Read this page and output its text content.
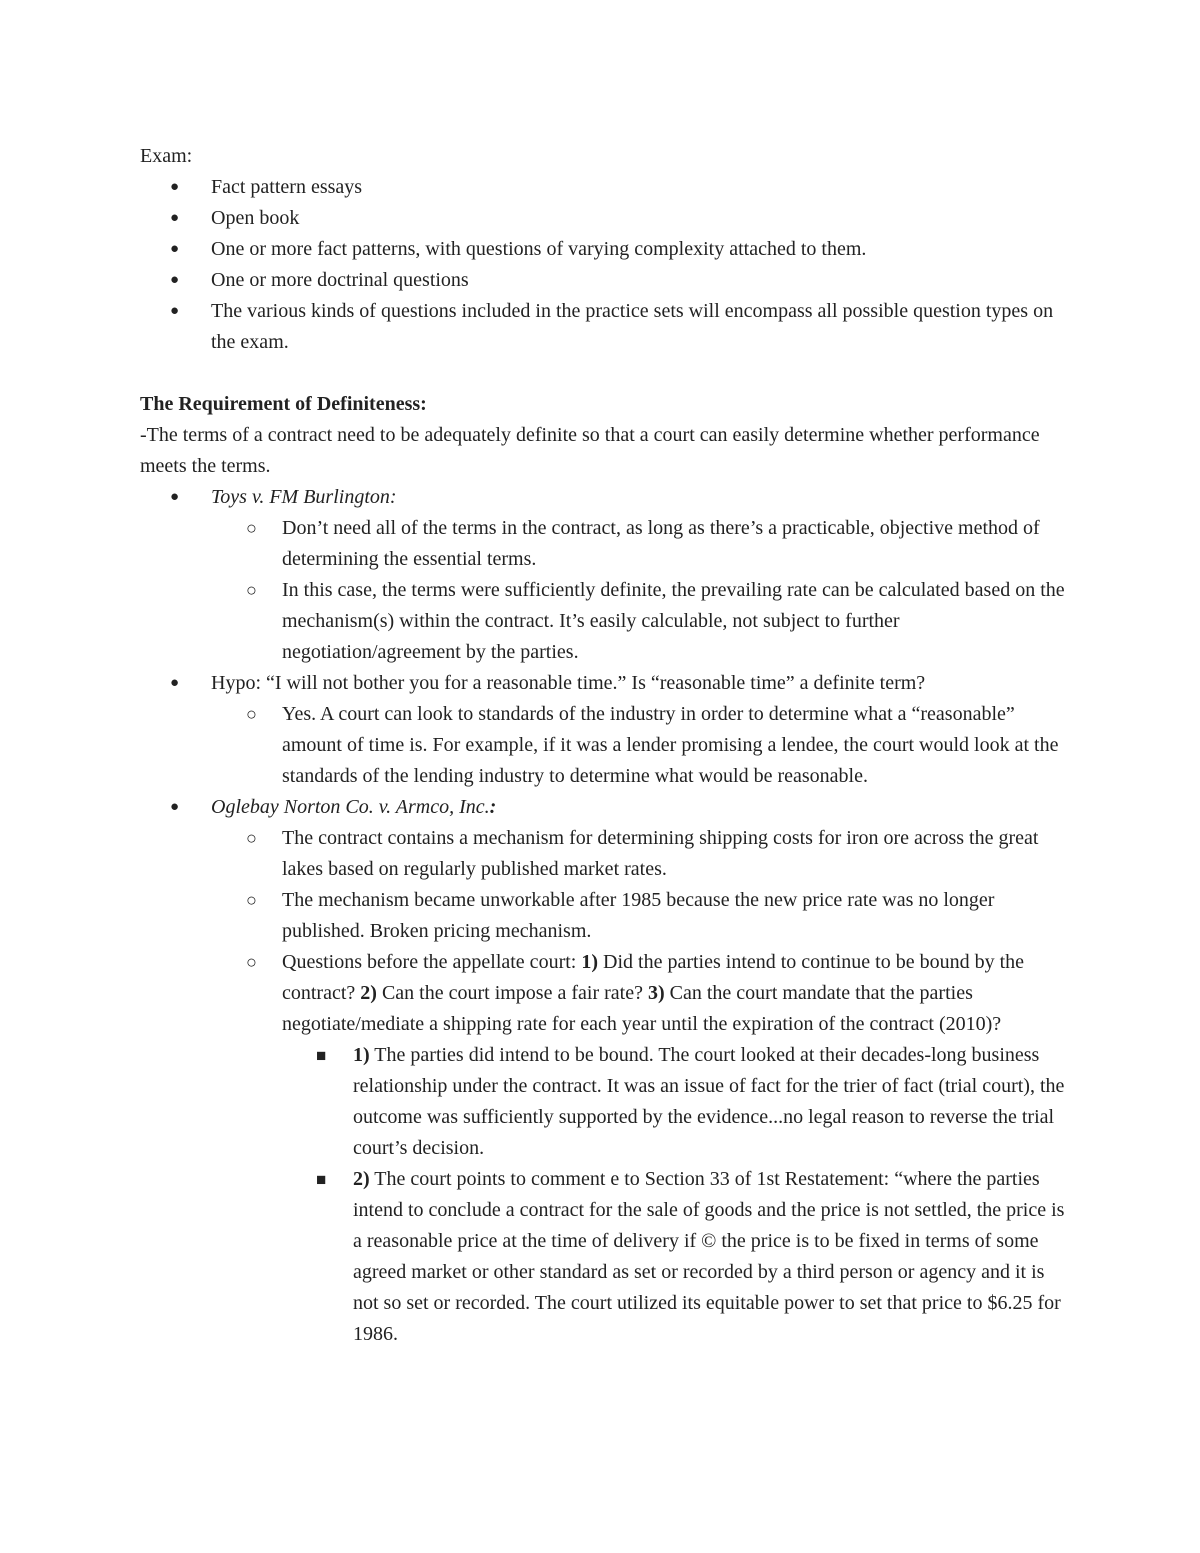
Exam:

● Fact pattern essays
● Open book
● One or more fact patterns, with questions of varying complexity attached to them.
● One or more doctrinal questions
● The various kinds of questions included in the practice sets will encompass all possible question types on the exam.

The Requirement of Definiteness:

-The terms of a contract need to be adequately definite so that a court can easily determine whether performance meets the terms.

● Toys v. FM Burlington:
○ Don’t need all of the terms in the contract, as long as there’s a practicable, objective method of determining the essential terms.
○ In this case, the terms were sufficiently definite, the prevailing rate can be calculated based on the mechanism(s) within the contract. It’s easily calculable, not subject to further negotiation/agreement by the parties.
● Hypo: “I will not bother you for a reasonable time.” Is “reasonable time” a definite term?
○ Yes. A court can look to standards of the industry in order to determine what a “reasonable” amount of time is. For example, if it was a lender promising a lendee, the court would look at the standards of the lending industry to determine what would be reasonable.
● Oglebay Norton Co. v. Armco, Inc.:
○ The contract contains a mechanism for determining shipping costs for iron ore across the great lakes based on regularly published market rates.
○ The mechanism became unworkable after 1985 because the new price rate was no longer published. Broken pricing mechanism.
○ Questions before the appellate court: 1) Did the parties intend to continue to be bound by the contract? 2) Can the court impose a fair rate? 3) Can the court mandate that the parties negotiate/mediate a shipping rate for each year until the expiration of the contract (2010)?
■ 1) The parties did intend to be bound. The court looked at their decades-long business relationship under the contract. It was an issue of fact for the trier of fact (trial court), the outcome was sufficiently supported by the evidence...no legal reason to reverse the trial court’s decision.
■ 2) The court points to comment e to Section 33 of 1st Restatement: “where the parties intend to conclude a contract for the sale of goods and the price is not settled, the price is a reasonable price at the time of delivery if © the price is to be fixed in terms of some agreed market or other standard as set or recorded by a third person or agency and it is not so set or recorded. The court utilized its equitable power to set that price to $6.25 for 1986.
